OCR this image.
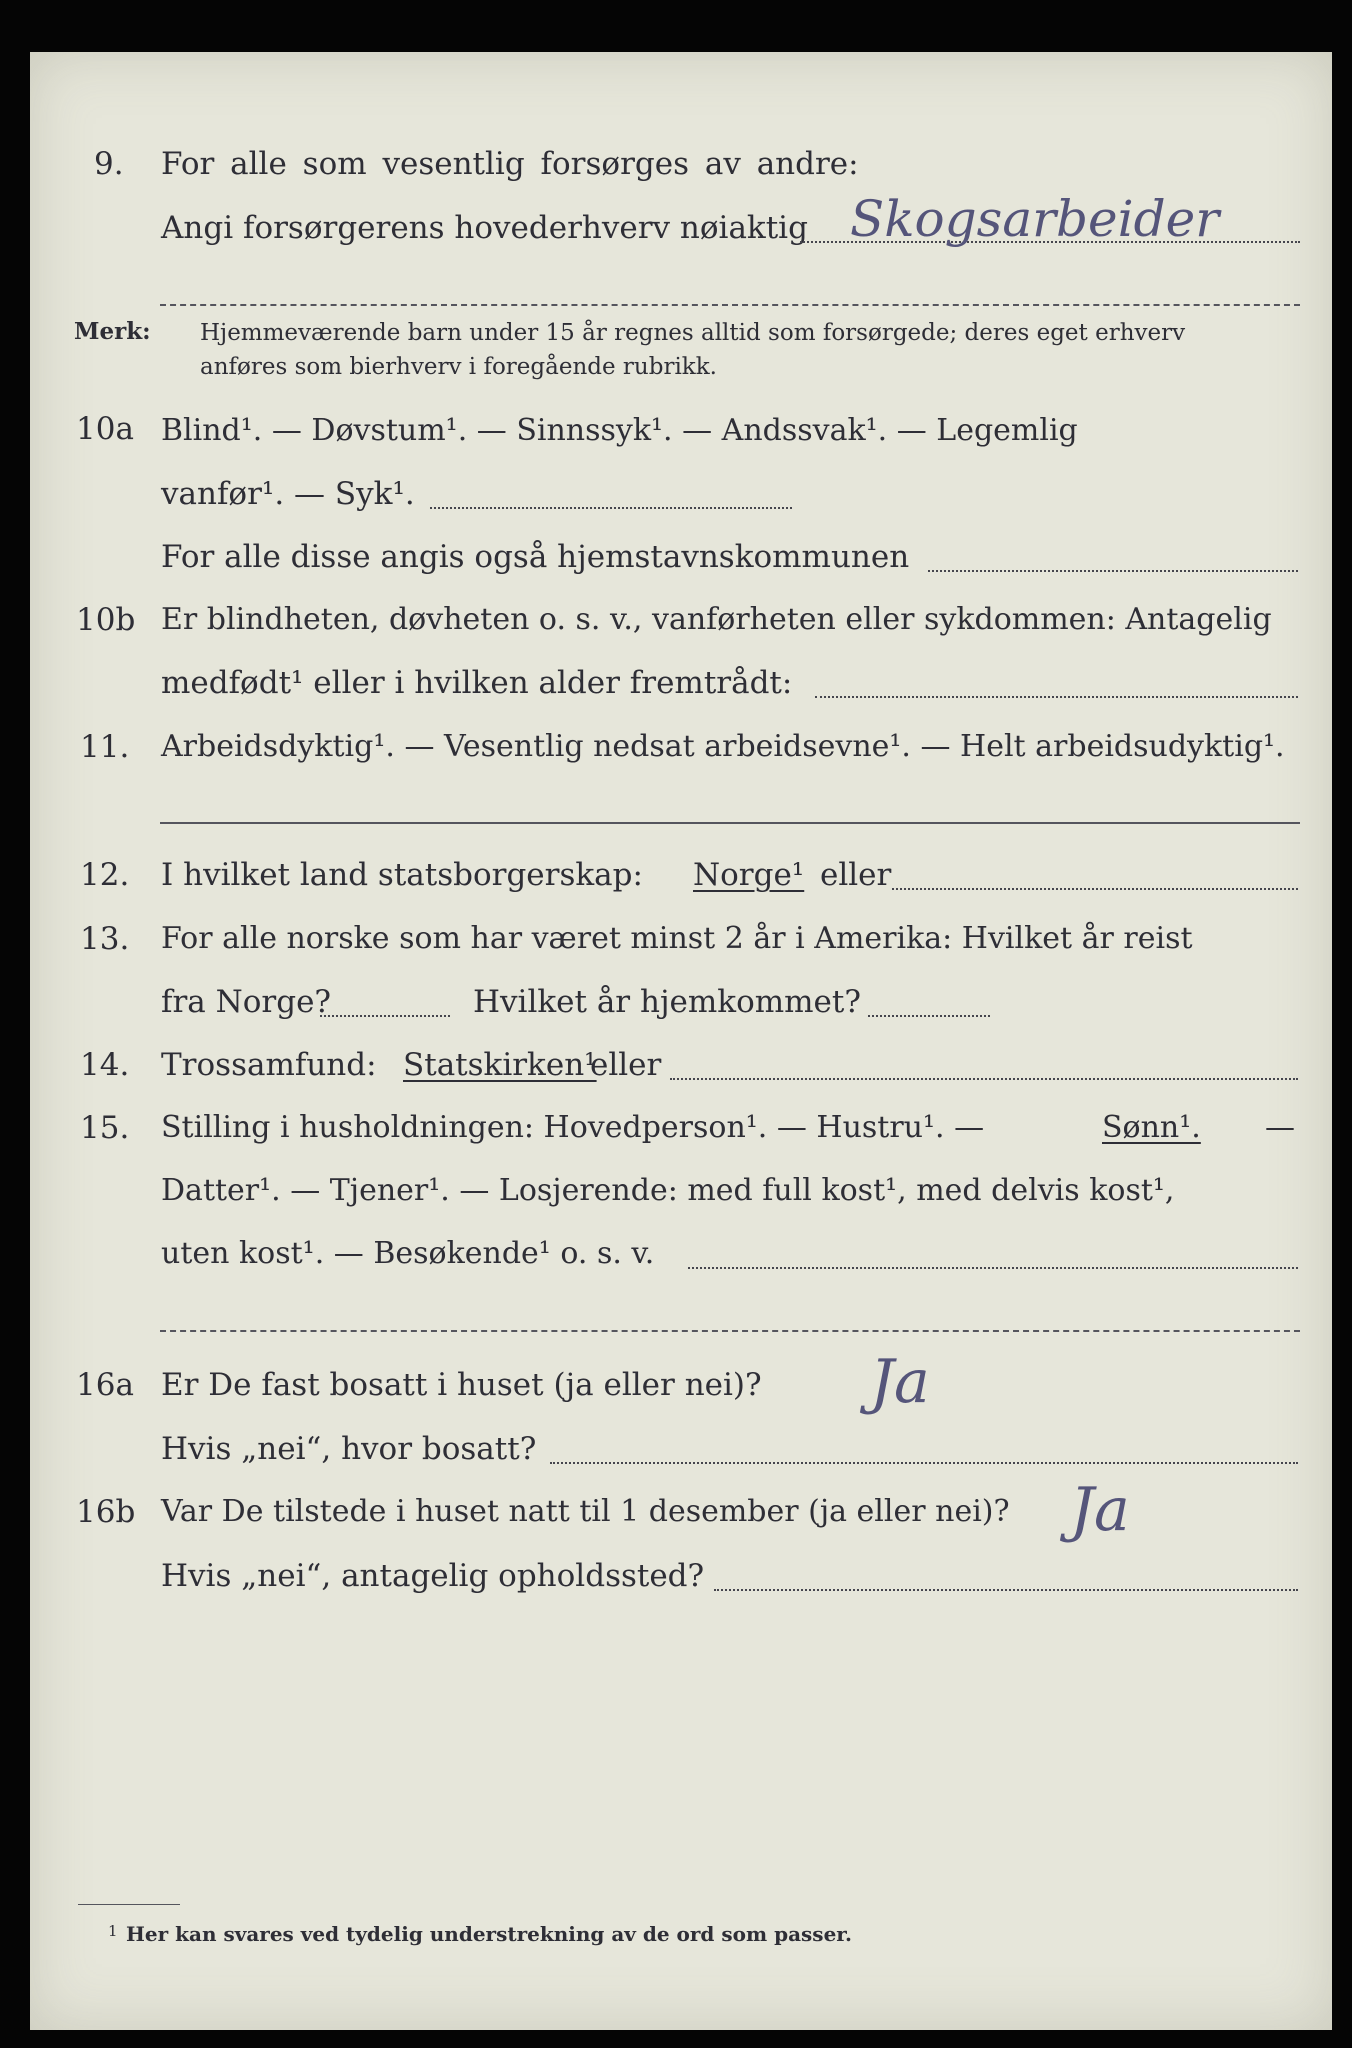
9. For alle som vesentlig forsørges av andre:
Angi forsørgerens hovederhverv nøiaktig Skogsarbeider
Merk: Hjemmeværende barn under 15 år regnes alltid som forsørgede; deres eget erhverv
anføres som bierhverv i foregående rubrikk.
10a Blind¹. — Døvstum¹. — Sinnssyk¹. — Andssvak¹. — Legemlig
vanfør¹. — Syk¹.
For alle disse angis også hjemstavnskommunen
10b Er blindheten, døvheten o. s. v., vanførheten eller sykdommen: Antagelig
medfødt¹ eller i hvilken alder fremtrådt:
11. Arbeidsdyktig¹. — Vesentlig nedsat arbeidsevne¹. — Helt arbeidsudyktig¹.
12. I hvilket land statsborgerskap: Norge¹ eller
13. For alle norske som har været minst 2 år i Amerika: Hvilket år reist
fra Norge?	Hvilket år hjemkommet?
14. Trossamfund: Statskirken¹
eller
15. Stilling i husholdningen: Hovedperson¹. — Hustru¹. —	Sønn¹. —
Datter¹. — Tjener¹. — Losjerende: med full kost¹, med delvis kost¹,
uten kost¹. — Besøkende¹ o. s. v.
16a Er De fast bosatt i huset (ja eller nei)? Ja
Hvis „nei“, hvor bosatt?
16b Var De tilstede i huset natt til 1 desember (ja eller nei)? Ja
Hvis „nei“, antagelig opholdssted?
1 Her kan svares ved tydelig understrekning av de ord som passer.
